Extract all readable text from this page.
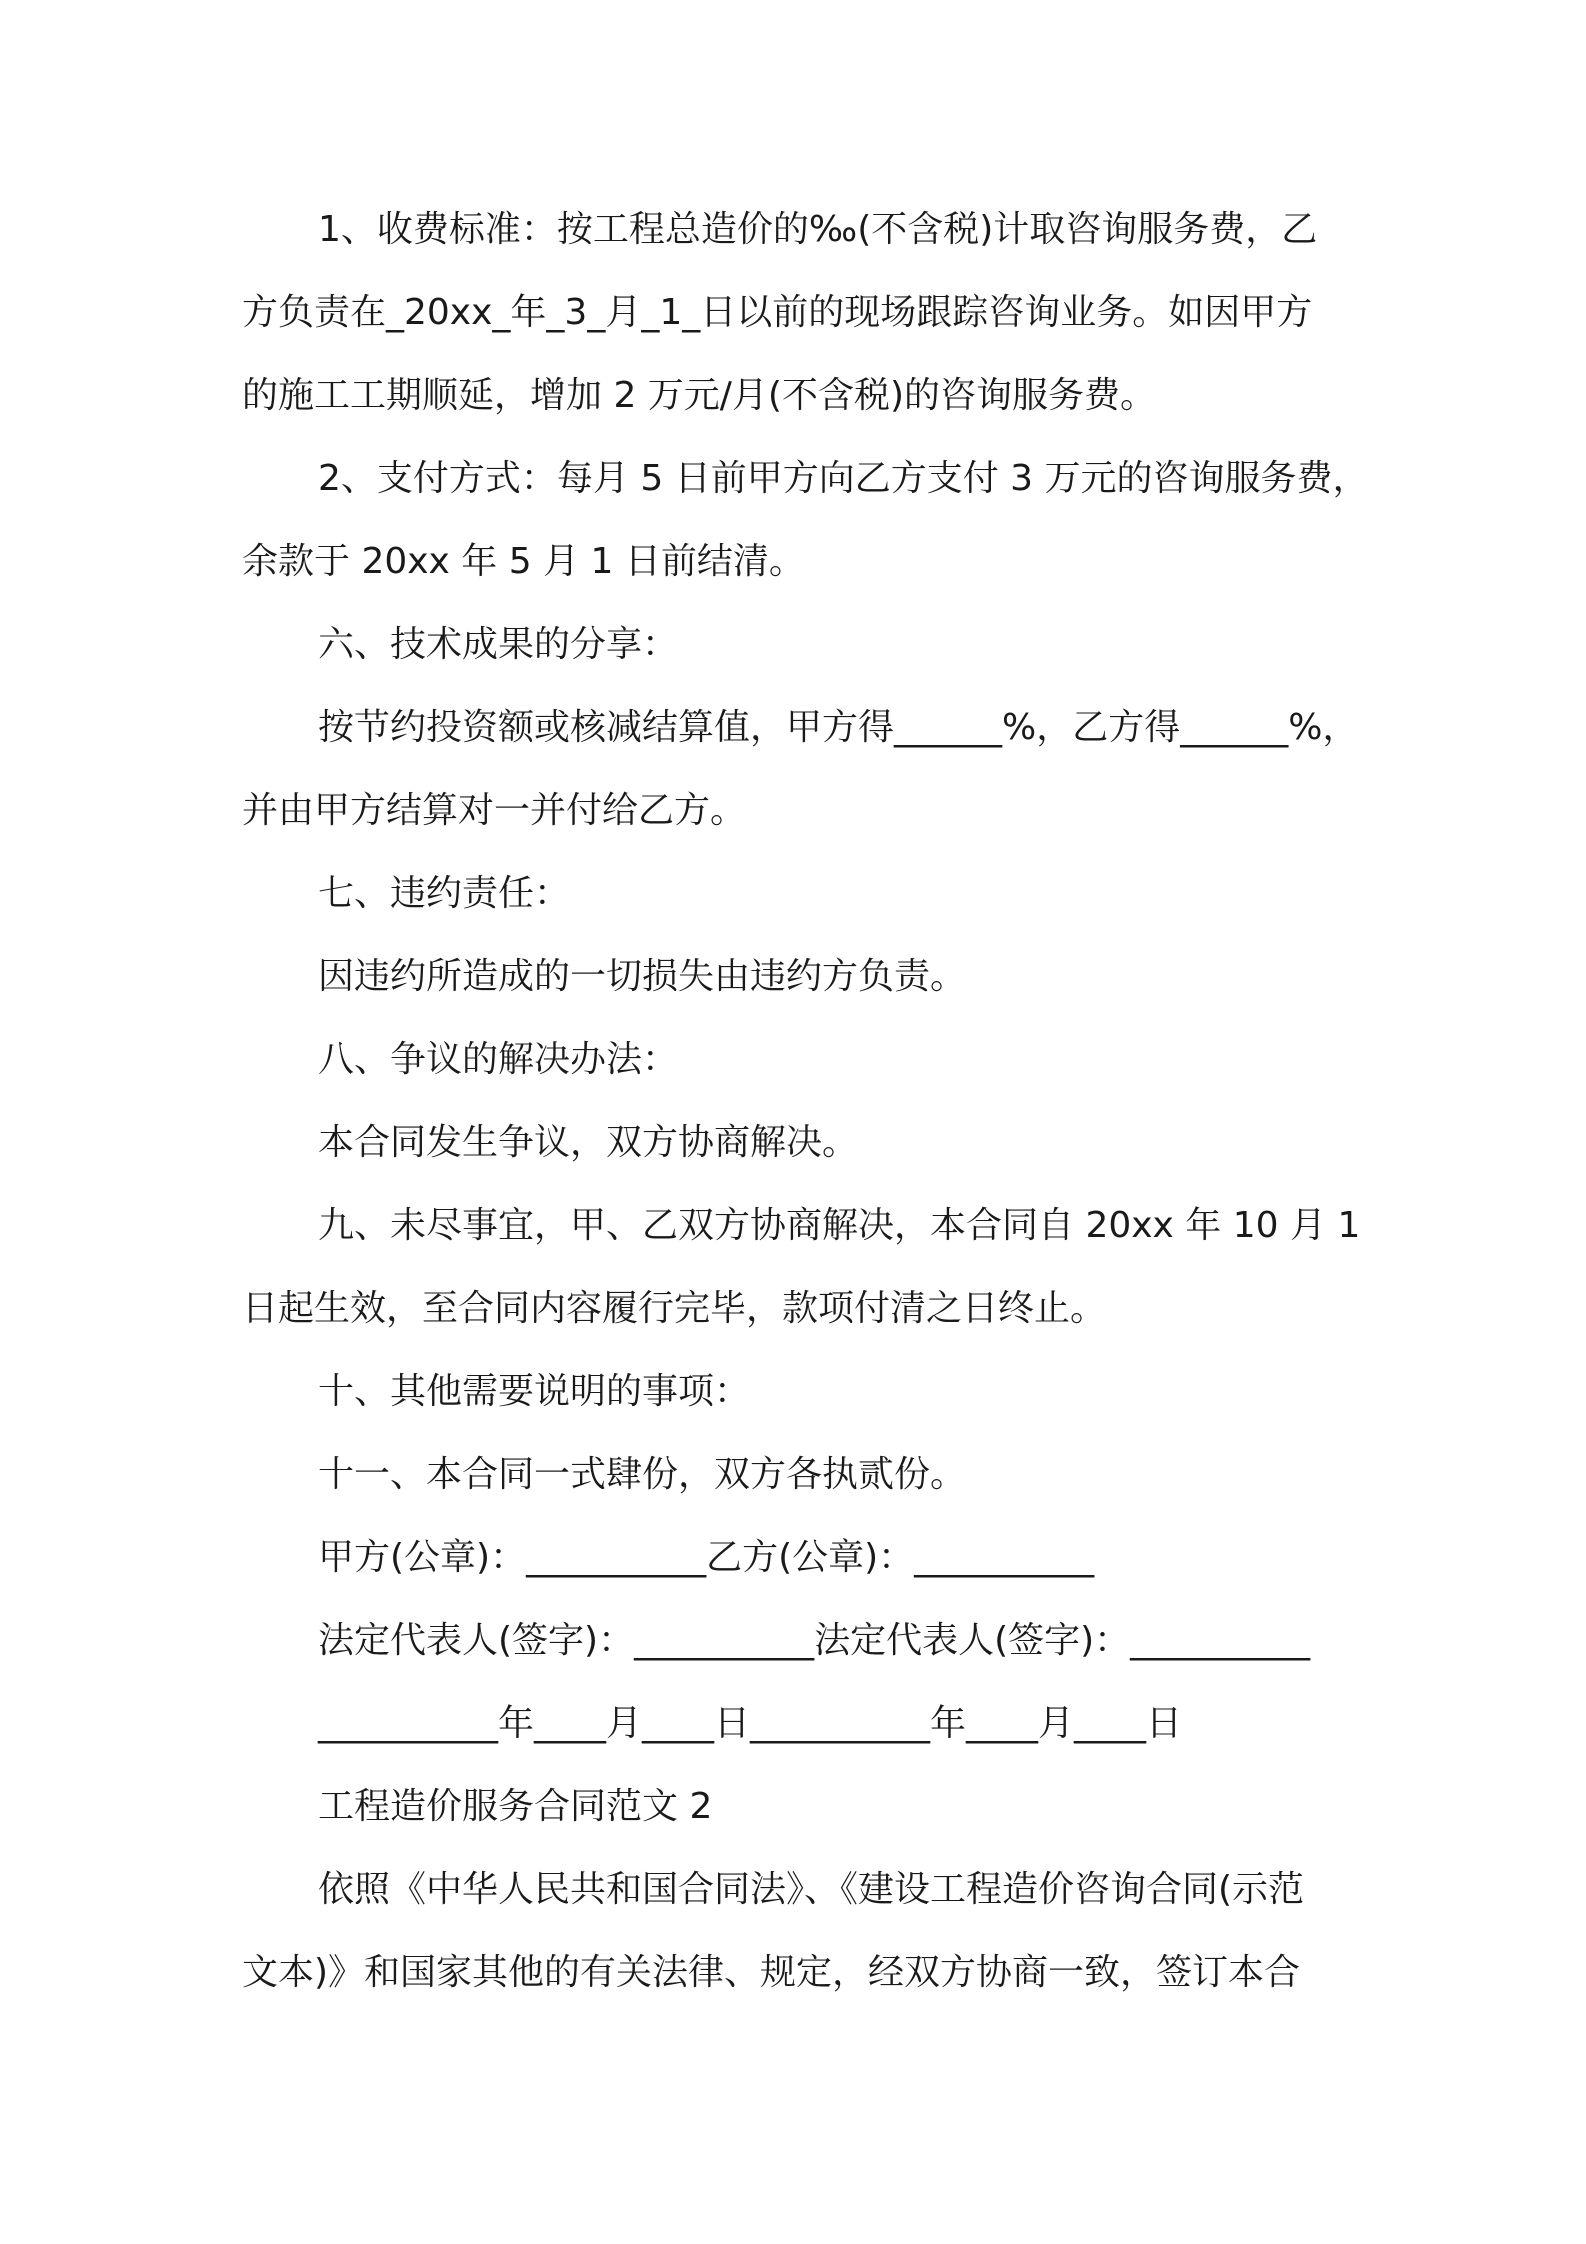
1、收费标准：按工程总造价的‰(不含税)计取咨询服务费，乙
方负责在_20xx_年_3_月_1_日以前的现场跟踪咨询业务。如因甲方
的施工工期顺延，增加 2 万元/月(不含税)的咨询服务费。
2、支付方式：每月 5 日前甲方向乙方支付 3 万元的咨询服务费，
余款于 20xx 年 5 月 1 日前结清。
六、技术成果的分享：
按节约投资额或核减结算值，甲方得______%，乙方得______%，
并由甲方结算对一并付给乙方。
七、违约责任：
因违约所造成的一切损失由违约方负责。
八、争议的解决办法：
本合同发生争议，双方协商解决。
九、未尽事宜，甲、乙双方协商解决，本合同自 20xx 年 10 月 1
日起生效，至合同内容履行完毕，款项付清之日终止。
十、其他需要说明的事项：
十一、本合同一式肆份，双方各执贰份。
甲方(公章)：__________乙方(公章)：__________
法定代表人(签字)：__________法定代表人(签字)：__________
__________年____月____日__________年____月____日
工程造价服务合同范文 2
依照《中华人民共和国合同法》、《建设工程造价咨询合同(示范
文本)》和国家其他的有关法律、规定，经双方协商一致，签订本合
